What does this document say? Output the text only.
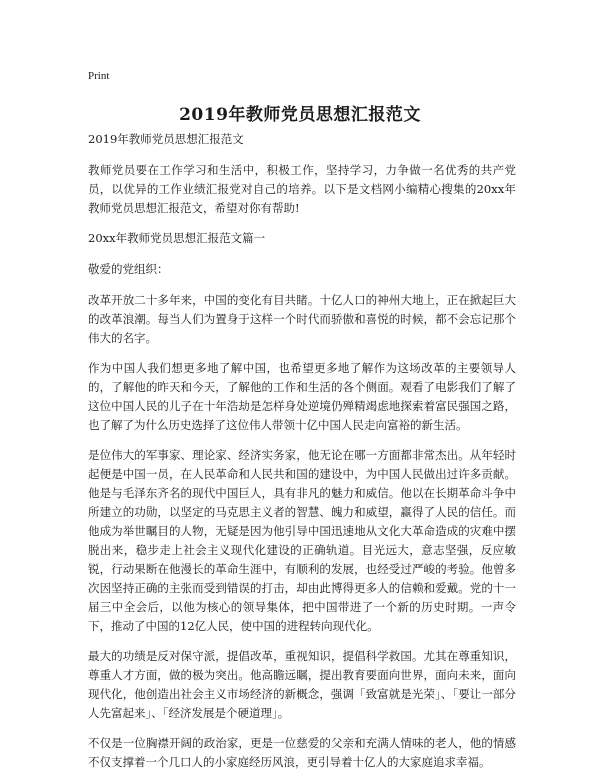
Print
2019年教师党员思想汇报范文

2019年教师党员思想汇报范文

教师党员要在工作学习和生活中，积极工作，坚持学习，力争做一名优秀的共产党员，以优异的工作业绩汇报党对自己的培养。以下是文档网小编精心搜集的20xx年教师党员思想汇报范文，希望对你有帮助!

20xx年教师党员思想汇报范文篇一

敬爱的党组织：

改革开放二十多年来，中国的变化有目共睹。十亿人口的神州大地上，正在掀起巨大的改革浪潮。每当人们为置身于这样一个时代而骄傲和喜悦的时候，都不会忘记那个伟大的名字。

作为中国人我们想更多地了解中国，也希望更多地了解作为这场改革的主要领导人的，了解他的昨天和今天，了解他的工作和生活的各个侧面。观看了电影我们了解了这位中国人民的儿子在十年浩劫是怎样身处逆境仍殚精竭虑地探索着富民强国之路，也了解了为什么历史选择了这位伟人带领十亿中国人民走向富裕的新生活。

是位伟大的军事家、理论家、经济实务家，他无论在哪一方面都非常杰出。从年轻时起便是中国一员，在人民革命和人民共和国的建设中，为中国人民做出过许多贡献。他是与毛泽东齐名的现代中国巨人，具有非凡的魅力和威信。他以在长期革命斗争中所建立的功勋，以坚定的马克思主义者的智慧、魄力和威望，赢得了人民的信任。而他成为举世瞩目的人物，无疑是因为他引导中国迅速地从文化大革命造成的灾难中摆脱出来，稳步走上社会主义现代化建设的正确轨道。目光远大，意志坚强，反应敏锐，行动果断在他漫长的革命生涯中，有顺利的发展，也经受过严峻的考验。他曾多次因坚持正确的主张而受到错误的打击，却由此博得更多人的信赖和爱戴。党的十一届三中全会后，以他为核心的领导集体，把中国带进了一个新的历史时期。一声令下，推动了中国的12亿人民，使中国的进程转向现代化。

最大的功绩是反对保守派，提倡改革，重视知识，提倡科学救国。尤其在尊重知识，尊重人才方面，做的极为突出。他高瞻远瞩，提出教育要面向世界，面向未来，面向现代化，他创造出社会主义市场经济的新概念，强调「致富就是光荣」、「要让一部分人先富起来」、「经济发展是个硬道理」。

不仅是一位胸襟开阔的政治家，更是一位慈爱的父亲和充满人情味的老人，他的情感不仅支撑着一个几口人的小家庭经历风浪，更引导着十亿人的大家庭追求幸福。
